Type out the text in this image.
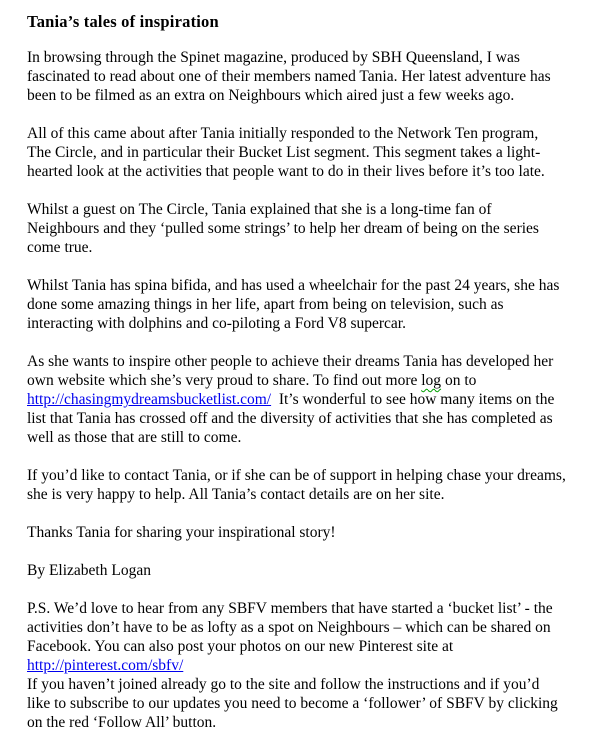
Tania’s tales of inspiration
In browsing through the Spinet magazine, produced by SBH Queensland, I was
fascinated to read about one of their members named Tania. Her latest adventure has
been to be filmed as an extra on Neighbours which aired just a few weeks ago.
All of this came about after Tania initially responded to the Network Ten program,
The Circle, and in particular their Bucket List segment. This segment takes a light-
hearted look at the activities that people want to do in their lives before it’s too late.
Whilst a guest on The Circle, Tania explained that she is a long-time fan of
Neighbours and they ‘pulled some strings’ to help her dream of being on the series
come true.
Whilst Tania has spina bifida, and has used a wheelchair for the past 24 years, she has
done some amazing things in her life, apart from being on television, such as
interacting with dolphins and co-piloting a Ford V8 supercar.
As she wants to inspire other people to achieve their dreams Tania has developed her
own website which she’s very proud to share. To find out more log on to
http://chasingmydreamsbucketlist.com/  It’s wonderful to see how many items on the
list that Tania has crossed off and the diversity of activities that she has completed as
well as those that are still to come.
If you’d like to contact Tania, or if she can be of support in helping chase your dreams,
she is very happy to help. All Tania’s contact details are on her site.
Thanks Tania for sharing your inspirational story!
By Elizabeth Logan
P.S. We’d love to hear from any SBFV members that have started a ‘bucket list’ - the
activities don’t have to be as lofty as a spot on Neighbours – which can be shared on
Facebook. You can also post your photos on our new Pinterest site at
http://pinterest.com/sbfv/
If you haven’t joined already go to the site and follow the instructions and if you’d
like to subscribe to our updates you need to become a ‘follower’ of SBFV by clicking
on the red ‘Follow All’ button.
